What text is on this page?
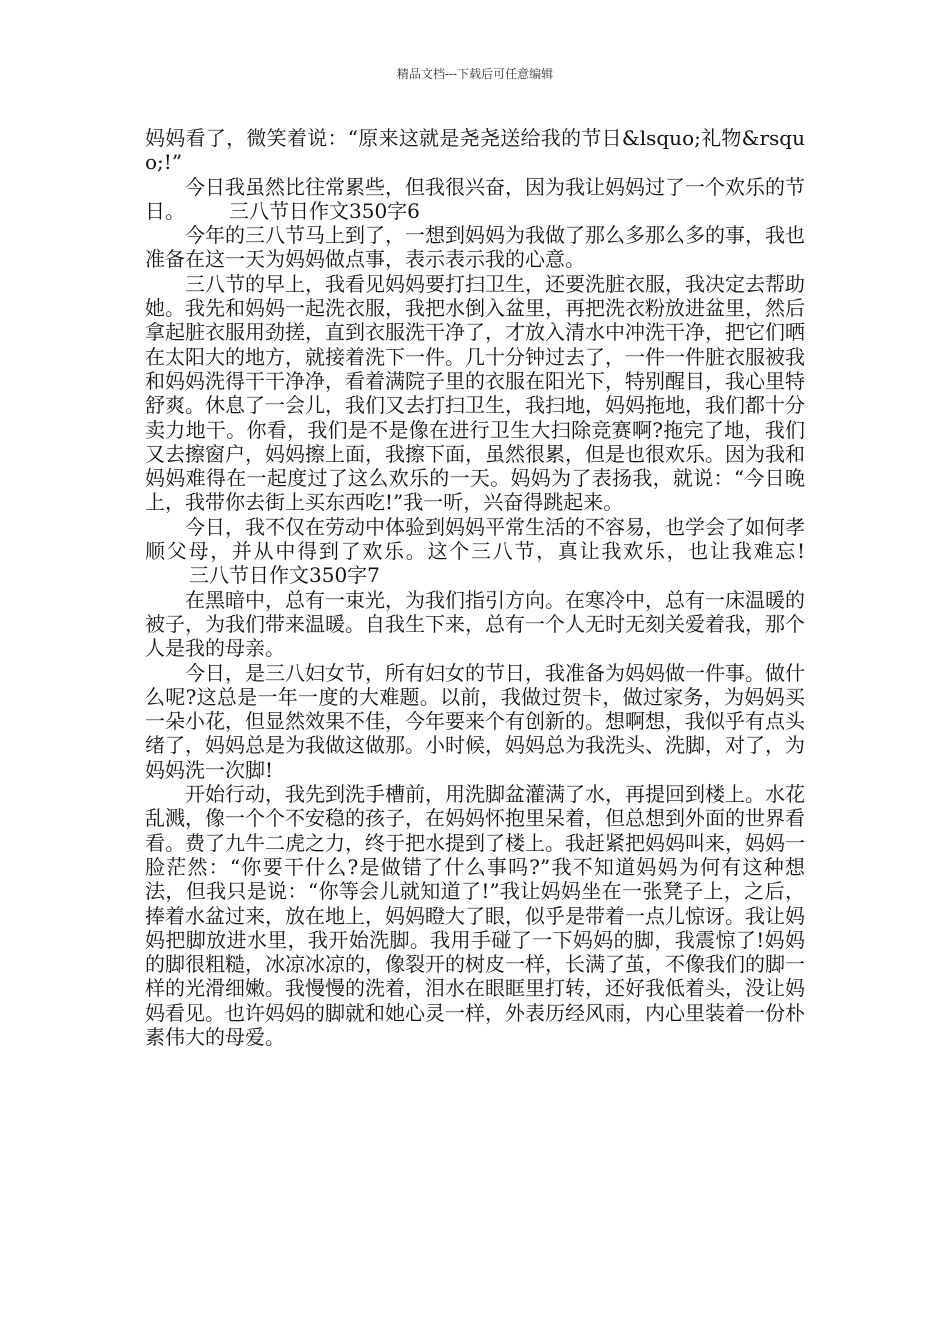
精品文档---下载后可任意编辑

妈妈看了，微笑着说：“原来这就是尧尧送给我的节日&lsquo;礼物&rsquo;!”

今日我虽然比往常累些，但我很兴奋，因为我让妈妈过了一个欢乐的节日。 三八节日作文350字6

今年的三八节马上到了，一想到妈妈为我做了那么多那么多的事，我也准备在这一天为妈妈做点事，表示表示我的心意。

三八节的早上，我看见妈妈要打扫卫生，还要洗脏衣服，我决定去帮助她。我先和妈妈一起洗衣服，我把水倒入盆里，再把洗衣粉放进盆里，然后拿起脏衣服用劲搓，直到衣服洗干净了，才放入清水中冲洗干净，把它们晒在太阳大的地方，就接着洗下一件。几十分钟过去了，一件一件脏衣服被我和妈妈洗得干干净净，看着满院子里的衣服在阳光下，特别醒目，我心里特舒爽。休息了一会儿，我们又去打扫卫生，我扫地，妈妈拖地，我们都十分卖力地干。你看，我们是不是像在进行卫生大扫除竞赛啊?拖完了地，我们又去擦窗户，妈妈擦上面，我擦下面，虽然很累，但是也很欢乐。因为我和妈妈难得在一起度过了这么欢乐的一天。妈妈为了表扬我，就说：“今日晚上，我带你去街上买东西吃!”我一听，兴奋得跳起来。

今日，我不仅在劳动中体验到妈妈平常生活的不容易，也学会了如何孝顺父母，并从中得到了欢乐。这个三八节，真让我欢乐，也让我难忘!三八节日作文350字7

在黑暗中，总有一束光，为我们指引方向。在寒冷中，总有一床温暖的被子，为我们带来温暖。自我生下来，总有一个人无时无刻关爱着我，那个人是我的母亲。

今日，是三八妇女节，所有妇女的节日，我准备为妈妈做一件事。做什么呢?这总是一年一度的大难题。以前，我做过贺卡，做过家务，为妈妈买一朵小花，但显然效果不佳，今年要来个有创新的。想啊想，我似乎有点头绪了，妈妈总是为我做这做那。小时候，妈妈总为我洗头、洗脚，对了，为妈妈洗一次脚!

开始行动，我先到洗手槽前，用洗脚盆灌满了水，再提回到楼上。水花乱溅，像一个个不安稳的孩子，在妈妈怀抱里呆着，但总想到外面的世界看看。费了九牛二虎之力，终于把水提到了楼上。我赶紧把妈妈叫来，妈妈一脸茫然：“你要干什么?是做错了什么事吗?”我不知道妈妈为何有这种想法，但我只是说：“你等会儿就知道了!”我让妈妈坐在一张凳子上，之后，捧着水盆过来，放在地上，妈妈瞪大了眼，似乎是带着一点儿惊讶。我让妈妈把脚放进水里，我开始洗脚。我用手碰了一下妈妈的脚，我震惊了!妈妈的脚很粗糙，冰凉冰凉的，像裂开的树皮一样，长满了茧，不像我们的脚一样的光滑细嫩。我慢慢的洗着，泪水在眼眶里打转，还好我低着头，没让妈妈看见。也许妈妈的脚就和她心灵一样，外表历经风雨，内心里装着一份朴素伟大的母爱。
